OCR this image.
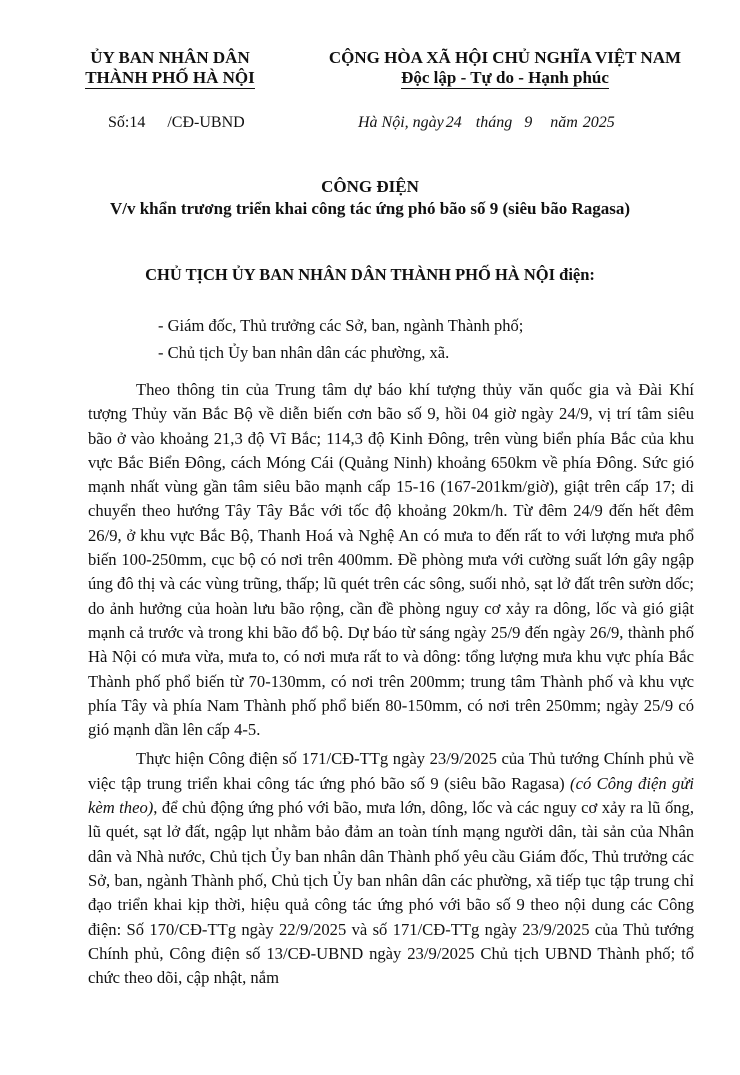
ỦY BAN NHÂN DÂN
THÀNH PHỐ HÀ NỘI
CỘNG HÒA XÃ HỘI CHỦ NGHĨA VIỆT NAM
Độc lập - Tự do - Hạnh phúc
Số:14 /CĐ-UBND	Hà Nội, ngày 24 tháng 9 năm 2025
CÔNG ĐIỆN
V/v khẩn trương triển khai công tác ứng phó bão số 9 (siêu bão Ragasa)
CHỦ TỊCH ỦY BAN NHÂN DÂN THÀNH PHỐ HÀ NỘI điện:
- Giám đốc, Thủ trưởng các Sở, ban, ngành Thành phố;
- Chủ tịch Ủy ban nhân dân các phường, xã.

Theo thông tin của Trung tâm dự báo khí tượng thủy văn quốc gia và Đài Khí tượng Thủy văn Bắc Bộ về diễn biến cơn bão số 9, hồi 04 giờ ngày 24/9, vị trí tâm siêu bão ở vào khoảng 21,3 độ Vĩ Bắc; 114,3 độ Kinh Đông, trên vùng biển phía Bắc của khu vực Bắc Biển Đông, cách Móng Cái (Quảng Ninh) khoảng 650km về phía Đông. Sức gió mạnh nhất vùng gần tâm siêu bão mạnh cấp 15-16 (167-201km/giờ), giật trên cấp 17; di chuyển theo hướng Tây Tây Bắc với tốc độ khoảng 20km/h. Từ đêm 24/9 đến hết đêm 26/9, ở khu vực Bắc Bộ, Thanh Hoá và Nghệ An có mưa to đến rất to với lượng mưa phổ biến 100-250mm, cục bộ có nơi trên 400mm. Đề phòng mưa với cường suất lớn gây ngập úng đô thị và các vùng trũng, thấp; lũ quét trên các sông, suối nhỏ, sạt lở đất trên sườn dốc; do ảnh hưởng của hoàn lưu bão rộng, cần đề phòng nguy cơ xảy ra dông, lốc và gió giật mạnh cả trước và trong khi bão đổ bộ. Dự báo từ sáng ngày 25/9 đến ngày 26/9, thành phố Hà Nội có mưa vừa, mưa to, có nơi mưa rất to và dông: tổng lượng mưa khu vực phía Bắc Thành phố phổ biến từ 70-130mm, có nơi trên 200mm; trung tâm Thành phố và khu vực phía Tây và phía Nam Thành phố phổ biến 80-150mm, có nơi trên 250mm; ngày 25/9 có gió mạnh dần lên cấp 4-5.

Thực hiện Công điện số 171/CĐ-TTg ngày 23/9/2025 của Thủ tướng Chính phủ về việc tập trung triển khai công tác ứng phó bão số 9 (siêu bão Ragasa) (có Công điện gửi kèm theo), để chủ động ứng phó với bão, mưa lớn, dông, lốc và các nguy cơ xảy ra lũ ống, lũ quét, sạt lở đất, ngập lụt nhằm bảo đảm an toàn tính mạng người dân, tài sản của Nhân dân và Nhà nước, Chủ tịch Ủy ban nhân dân Thành phố yêu cầu Giám đốc, Thủ trưởng các Sở, ban, ngành Thành phố, Chủ tịch Ủy ban nhân dân các phường, xã tiếp tục tập trung chỉ đạo triển khai kịp thời, hiệu quả công tác ứng phó với bão số 9 theo nội dung các Công điện: Số 170/CĐ-TTg ngày 22/9/2025 và số 171/CĐ-TTg ngày 23/9/2025 của Thủ tướng Chính phủ, Công điện số 13/CĐ-UBND ngày 23/9/2025 Chủ tịch UBND Thành phố; tổ chức theo dõi, cập nhật, nắm
